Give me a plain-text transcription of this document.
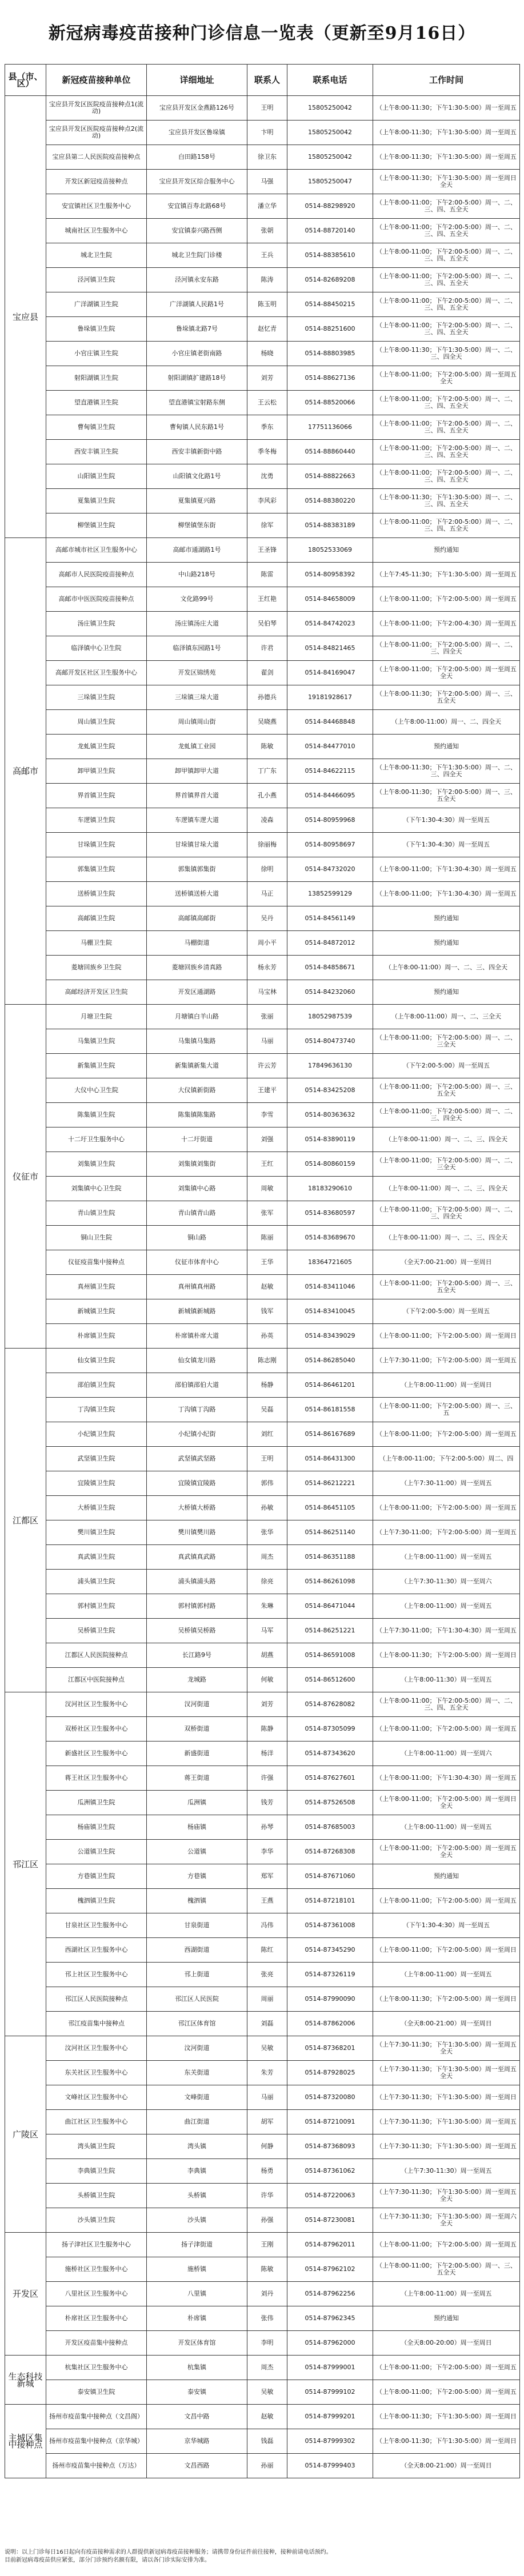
新冠病毒疫苗接种门诊信息一览表（更新至9月16日）
县（市、区）	新冠疫苗接种单位	详细地址	联系人	联系电话	工作时间
宝应县	宝应县开发区医院疫苗接种点1(流动)	宝应县开发区金燕路126号	王明	15805250042	（上午8:00-11:30；下午1:30-5:00）周一至周五
	宝应县开发区医院疫苗接种点2(流动)	宝应县开发区鲁垛镇	卞明	15805250042	（上午8:00-11:30；下午1:30-5:00）周一至周五
	宝应县第二人民医院疫苗接种点	白田路158号	徐卫东	15805250042	（上午8:00-11:30；下午1:30-5:00）周一至周五
	开发区新冠疫苗接种点	宝应县开发区综合服务中心	马强	15805250047	（上午8:00-11:30；下午1:30-5:00）周一至周日全天
	安宜镇社区卫生服务中心	安宜镇百寿北路68号	潘立华	0514-88298920	（上午8:00-11:00；下午2:00-5:00）周一、二、三、四、五全天
	城南社区卫生服务中心	安宜镇泰兴路西侧	张朝	0514-88720140	（上午8:00-11:00；下午2:00-5:00）周一、二、三、四、五全天
	城北卫生院	城北卫生院门诊楼	王兵	0514-88385610	（上午8:00-11:00；下午2:00-5:00）周一、二、三、四、五全天
	泾河镇卫生院	泾河镇永安东路	陈涛	0514-82689208	（上午8:00-11:00；下午2:00-5:00）周一、二、三、四、五全天
	广洋湖镇卫生院	广洋湖镇人民路1号	陈玉明	0514-88450215	（上午8:00-11:00；下午2:00-5:00）周一、二、三、四、五全天
	鲁垛镇卫生院	鲁垛镇北路7号	赵忆青	0514-88251600	（上午8:00-11:00；下午2:00-5:00）周一、二、三、四、五全天
	小官庄镇卫生院	小官庄镇老街南路	杨晓	0514-88803985	（上午8:00-11:30；下午1:30-5:00）周一、二、三、四全天
	射阳湖镇卫生院	射阳湖镇扩建路18号	刘芳	0514-88627136	（上午8:00-11:00；下午2:00-5:00）周一至周五全天
	望直港镇卫生院	望直港镇宝射路东侧	王云松	0514-88520066	（上午8:00-11:00；下午2:00-5:00）周一、二、三、四、五全天
	曹甸镇卫生院	曹甸镇人民东路1号	季东	17751136066	（上午8:00-11:00；下午2:00-5:00）周一、二、三、四、五全天
	西安丰镇卫生院	西安丰镇新街中路	季冬梅	0514-88860440	（上午8:00-11:00；下午2:00-5:00）周一、二、三、四、五全天
	山阳镇卫生院	山阳镇文化路1号	沈勇	0514-88822663	（上午8:00-11:00；下午2:00-5:00）周一、二、三、四、五全天
	夏集镇卫生院	夏集镇夏兴路	李风彩	0514-88380220	（上午8:00-11:30；下午1:30-5:00）周一、二、三、四、五全天
	柳堡镇卫生院	柳堡镇堡东街	徐军	0514-88383189	（上午8:00-11:00；下午2:00-5:00）周一、二、三、四、五全天
高邮市	高邮市城市社区卫生服务中心	高邮市通湖路1号	王圣锋	18052533069	预约通知
	高邮市人民医院疫苗接种点	中山路218号	陈雷	0514-80958392	（上午7:45-11:30；下午1:30-5:00）周一至周五
	高邮市中医医院疫苗接种点	文化路99号	王红艳	0514-84658009	（上午8:00-11:00；下午2:00-5:00）周一至周五
	汤庄镇卫生院	汤庄镇汤庄大道	吴伯琴	0514-84742023	（上午8:00-11:00；下午2:00-4:30）周一至周五
	临泽镇中心卫生院	临泽镇东园路1号	许君	0514-84821465	（上午8:00-11:00；下午2:00-5:00）周一、二、三、四全天
	高邮开发区社区卫生服务中心	开发区锦绣苑	翟剑	0514-84169047	（上午8:00-11:00；下午2:00-5:00）周一至周五全天
	三垛镇卫生院	三垛镇三垛大道	孙德兵	19181928617	（上午8:00-11:30；下午2:00-5:00）周一、三、五全天
	周山镇卫生院	周山镇周山街	吴晓燕	0514-84468848	（上午8:00-11:00）周一、二、四全天
	龙虬镇卫生院	龙虬镇工业园	陈敏	0514-84477010	预约通知
	卸甲镇卫生院	卸甲镇卸甲大道	丁广东	0514-84622115	（上午8:00-11:30；下午1:30-5:00）周一、二、三、四全天
	界首镇卫生院	界首镇界首大道	孔小燕	0514-84466095	（上午8:00-11:30；下午2:00-5:00）周一、三、五全天
	车逻镇卫生院	车逻镇车逻大道	凌森	0514-80959968	（下午1:30-4:30）周一至周五
	甘垛镇卫生院	甘垛镇甘垛大道	徐丽梅	0514-80958697	（下午1:30-4:30）周一至周五
	郭集镇卫生院	郭集镇郭集街	徐明	0514-84732020	（上午8:00-11:00；下午1:30-4:30）周一至周五
	送桥镇卫生院	送桥镇送桥大道	马正	13852599129	（上午8:00-11:00；下午1:30-4:30）周一至周五
	高邮镇卫生院	高邮镇高邮街	吴丹	0514-84561149	预约通知
	马棚卫生院	马棚街道	周小平	0514-84872012	预约通知
	菱塘回族乡卫生院	菱塘回族乡清真路	杨永芳	0514-84858671	（上午8:00-11:00）周一、二、三、四全天
	高邮经济开发区卫生院	开发区通湖路	马宝林	0514-84232060	预约通知
仪征市	月塘卫生院	月塘镇白羊山路	张丽	18052987539	（上午8:00-11:00）周一、二、三全天
	马集镇卫生院	马集镇马集路	马丽	0514-80473740	（上午8:00-11:00；下午2:00-5:00）周一、二、三全天
	新集镇卫生院	新集镇新集大道	许云芳	17849636130	（下午2:00-5:00）周一至周五
	大仪中心卫生院	大仪镇新街路	王建平	0514-83425208	（上午8:00-11:00；下午2:00-5:00）周一、三、五全天
	陈集镇卫生院	陈集镇陈集路	李雪	0514-80363632	（上午8:00-11:00；下午2:00-5:00）周一、二、三、四全天
	十二圩卫生服务中心	十二圩街道	刘强	0514-83890119	（上午8:00-11:00）周一、二、三、四全天
	刘集镇卫生院	刘集镇刘集街	王红	0514-80860159	（上午8:00-11:00；下午2:00-5:00）周一、二、三全天
	刘集镇中心卫生院	刘集镇中心路	周敏	18183290610	（上午8:00-11:00）周一、二、三、四全天
	青山镇卫生院	青山镇青山路	张军	0514-83680597	（上午8:00-11:00；下午2:00-5:00）周一、二、三、四全天
	铜山卫生院	铜山路	陈丽	0514-83689670	（上午8:00-11:00）周一、二、三、四全天
	仪征疫苗集中接种点	仪征市体育中心	王华	18364721605	（全天7:00-21:00）周一至周日
	真州镇卫生院	真州镇真州路	赵敏	0514-83411046	（上午8:00-11:00；下午2:00-5:00）周一、三、五全天
	新城镇卫生院	新城镇新城路	钱军	0514-83410045	（下午2:00-5:00）周一至周五
	朴席镇卫生院	朴席镇朴席大道	孙英	0514-83439029	（上午8:00-11:00；下午2:00-5:00）周一至周日
江都区	仙女镇卫生院	仙女镇龙川路	陈志刚	0514-86285040	（上午7:30-11:00；下午2:00-5:00）周一至周五
	邵伯镇卫生院	邵伯镇邵伯大道	杨静	0514-86461201	（上午8:00-11:00）周一至周日
	丁沟镇卫生院	丁沟镇丁沟路	吴磊	0514-86181558	（上午8:00-11:00；下午2:00-5:00）周一、三、五
	小纪镇卫生院	小纪镇小纪街	刘红	0514-86167689	（上午8:00-11:00；下午2:00-5:00）周一至周五
	武坚镇卫生院	武坚镇武坚路	王明	0514-86431300	（上午8:00-11:00；下午2:00-5:00）周二、四
	宜陵镇卫生院	宜陵镇宜陵路	郭伟	0514-86212221	（上午7:30-11:00）周一至周五
	大桥镇卫生院	大桥镇大桥路	孙敏	0514-86451105	（上午8:00-11:00；下午2:00-5:00）周一至周五
	樊川镇卫生院	樊川镇樊川路	张华	0514-86251140	（上午7:30-11:00；下午2:00-5:00）周一至周五
	真武镇卫生院	真武镇真武路	周杰	0514-86351188	（上午8:00-11:00）周一至周五
	浦头镇卫生院	浦头镇浦头路	徐亮	0514-86261098	（上午7:30-11:30）周一至周六
	郭村镇卫生院	郭村镇郭村路	朱琳	0514-86471044	（上午8:00-11:00）周一至周五
	吴桥镇卫生院	吴桥镇吴桥路	马军	0514-86251221	（上午7:30-11:00；下午1:30-4:30）周一至周五
	江都区人民医院接种点	长江路9号	胡燕	0514-86591008	（上午8:00-11:30；下午2:00-5:00）周一至周日
	江都区中医院接种点	龙城路	何敏	0514-86512600	（上午8:00-11:30）周一至周五
邗江区	汊河社区卫生服务中心	汊河街道	刘芳	0514-87628082	（上午8:00-11:00；下午2:00-5:00）周一、二、三、四、五全天
	双桥社区卫生服务中心	双桥街道	陈静	0514-87305099	（上午8:00-11:00；下午2:00-5:00）周一至周五
	新盛社区卫生服务中心	新盛街道	杨洋	0514-87343620	（上午8:00-11:00）周一至周六
	蒋王社区卫生服务中心	蒋王街道	许强	0514-87627601	（上午8:00-11:00；下午1:30-4:30）周一至周五
	瓜洲镇卫生院	瓜洲镇	钱芳	0514-87526508	（上午8:00-11:00；下午2:00-5:00）周一至周日全天
	杨庙镇卫生院	杨庙镇	孙琴	0514-87685003	（上午8:00-11:00）周一至周五
	公道镇卫生院	公道镇	李华	0514-87268308	（上午8:00-11:00；下午2:00-5:00）周一至周五全天
	方巷镇卫生院	方巷镇	郑军	0514-87671060	预约通知
	槐泗镇卫生院	槐泗镇	王燕	0514-87218101	（上午8:00-11:00；下午2:00-5:00）周一至周五
	甘泉社区卫生服务中心	甘泉街道	冯伟	0514-87361008	（下午1:30-4:30）周一至周五
	西湖社区卫生服务中心	西湖街道	陈红	0514-87345290	（上午8:00-11:00；下午2:00-5:00）周一至周日
	邗上社区卫生服务中心	邗上街道	张亮	0514-87326119	（上午8:00-11:00）周一至周五
	邗江区人民医院接种点	邗江区人民医院	周丽	0514-87990090	（上午8:00-11:30；下午2:00-5:00）周一至周日
	邗江疫苗集中接种点	邗江区体育馆	刘磊	0514-87862006	（全天8:00-21:00）周一至周日
广陵区	汶河社区卫生服务中心	汶河街道	吴敏	0514-87368201	（上午7:30-11:30；下午1:30-5:00）周一至周五全天
	东关社区卫生服务中心	东关街道	朱芳	0514-87928025	（上午7:30-11:30；下午1:30-5:00）周一至周五全天
	文峰社区卫生服务中心	文峰街道	马丽	0514-87320080	（上午7:30-11:30；下午1:30-5:00）周一至周日
	曲江社区卫生服务中心	曲江街道	胡军	0514-87210091	（上午7:30-11:30；下午1:30-5:00）周一至周五
	湾头镇卫生院	湾头镇	何静	0514-87368093	（上午7:30-11:30；下午1:30-5:00）周一至周五
	李典镇卫生院	李典镇	杨勇	0514-87361062	（上午7:30-11:30）周一至周五
	头桥镇卫生院	头桥镇	许华	0514-87220063	（上午7:30-11:30；下午1:30-5:00）周一至周五全天
	沙头镇卫生院	沙头镇	孙强	0514-87230081	（上午7:30-11:30；下午1:30-5:00）周一至周六全天
开发区	扬子津社区卫生服务中心	扬子津街道	王刚	0514-87962011	（上午8:00-11:00；下午2:00-5:00）周一至周五
	施桥社区卫生服务中心	施桥镇	陈敏	0514-87962102	（上午8:00-11:00；下午2:00-5:00）周一、三、五全天
	八里社区卫生服务中心	八里镇	刘丹	0514-87962256	（上午8:00-11:00）周一至周五
	朴席社区卫生服务中心	朴席镇	张伟	0514-87962345	预约通知
	开发区疫苗集中接种点	开发区体育馆	李明	0514-87962000	（全天8:00-20:00）周一至周日
生态科技新城	杭集社区卫生服务中心	杭集镇	周杰	0514-87999001	（上午8:00-11:00；下午2:00-5:00）周一至周五
	泰安镇卫生院	泰安镇	吴敏	0514-87999102	（上午8:00-11:00；下午2:00-5:00）周一至周五
主城区集中接种点	扬州市疫苗集中接种点（文昌阁）	文昌中路	赵敏	0514-87999201	（上午8:00-11:30；下午1:30-5:00）周一至周日
	扬州市疫苗集中接种点（京华城）	京华城路	钱磊	0514-87999302	（上午8:00-11:30；下午1:30-5:00）周一至周日
	扬州市疫苗集中接种点（万达）	文昌西路	孙丽	0514-87999403	（全天8:00-21:00）周一至周日
说明：以上门诊每日16日起向有疫苗接种需求的人群提供新冠病毒疫苗接种服务；请携带身份证件前往接种，接种前请电话预约。
目前新冠病毒疫苗供应紧张，部分门诊预约名额有限，请以各门诊实际安排为准。
